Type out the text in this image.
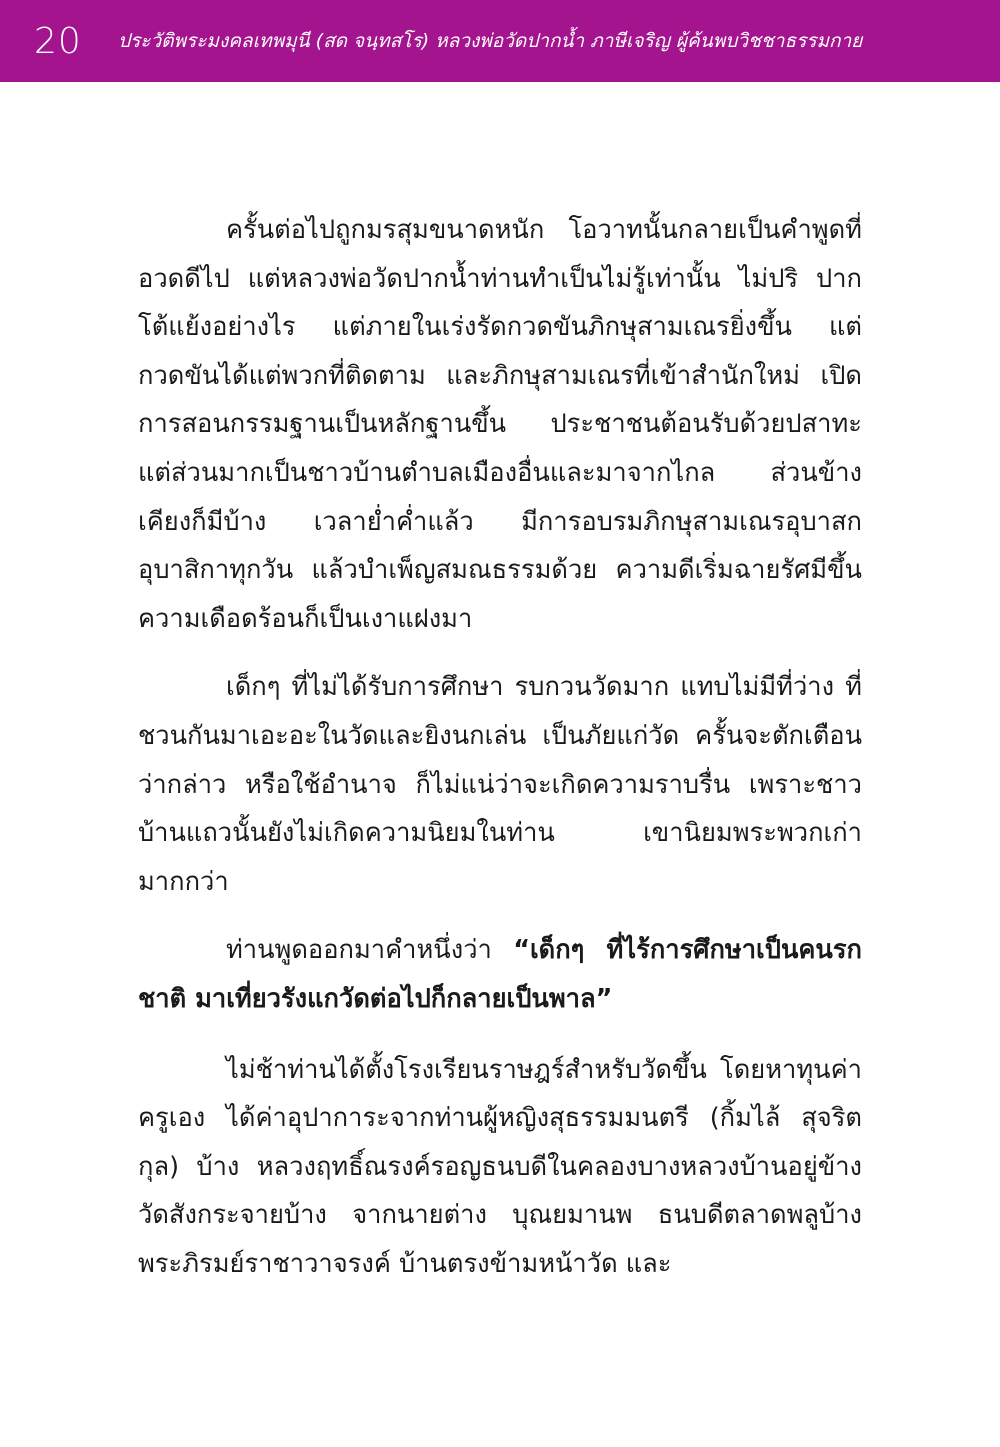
20	ประวัติพระมงคลเทพมุนี (สด จนฺทสโร) หลวงพ่อวัดปากน้ำ ภาษีเจริญ ผู้ค้นพบวิชชาธรรมกาย

ครั้นต่อไปถูกมรสุมขนาดหนัก โอวาทนั้นกลายเป็นคำพูดที่อวดดีไป แต่หลวงพ่อวัดปากน้ำท่านทำเป็นไม่รู้เท่านั้น ไม่ปริ ปากโต้แย้งอย่างไร แต่ภายในเร่งรัดกวดขันภิกษุสามเณรยิ่งขึ้น แต่กวดขันได้แต่พวกที่ติดตาม และภิกษุสามเณรที่เข้าสำนักใหม่ เปิดการสอนกรรมฐานเป็นหลักฐานขึ้น ประชาชนต้อนรับด้วยปสาทะ แต่ส่วนมากเป็นชาวบ้านตำบลเมืองอื่นและมาจากไกล ส่วนข้างเคียงก็มีบ้าง เวลาย่ำค่ำแล้ว มีการอบรมภิกษุสามเณรอุบาสก อุบาสิกาทุกวัน แล้วบำเพ็ญสมณธรรมด้วย ความดีเริ่มฉายรัศมีขึ้น ความเดือดร้อนก็เป็นเงาแฝงมา

เด็กๆ ที่ไม่ได้รับการศึกษา รบกวนวัดมาก แทบไม่มีที่ว่าง ที่ชวนกันมาเอะอะในวัดและยิงนกเล่น เป็นภัยแก่วัด ครั้นจะตักเตือนว่ากล่าว หรือใช้อำนาจ ก็ไม่แน่ว่าจะเกิดความราบรื่น เพราะชาวบ้านแถวนั้นยังไม่เกิดความนิยมในท่าน เขานิยมพระพวกเก่ามากกว่า

ท่านพูดออกมาคำหนึ่งว่า “เด็กๆ ที่ไร้การศึกษาเป็นคนรกชาติ มาเที่ยวรังแกวัดต่อไปก็กลายเป็นพาล”

ไม่ช้าท่านได้ตั้งโรงเรียนราษฎร์สำหรับวัดขึ้น โดยหาทุนค่าครูเอง ได้ค่าอุปาการะจากท่านผู้หญิงสุธรรมมนตรี (กิ้มไล้ สุจริตกุล) บ้าง หลวงฤทธิ์ณรงค์รอญธนบดีในคลองบางหลวงบ้านอยู่ข้างวัดสังกระจายบ้าง จากนายต่าง บุณยมานพ ธนบดีตลาดพลูบ้าง พระภิรมย์ราชาวาจรงค์ บ้านตรงข้ามหน้าวัด และ
